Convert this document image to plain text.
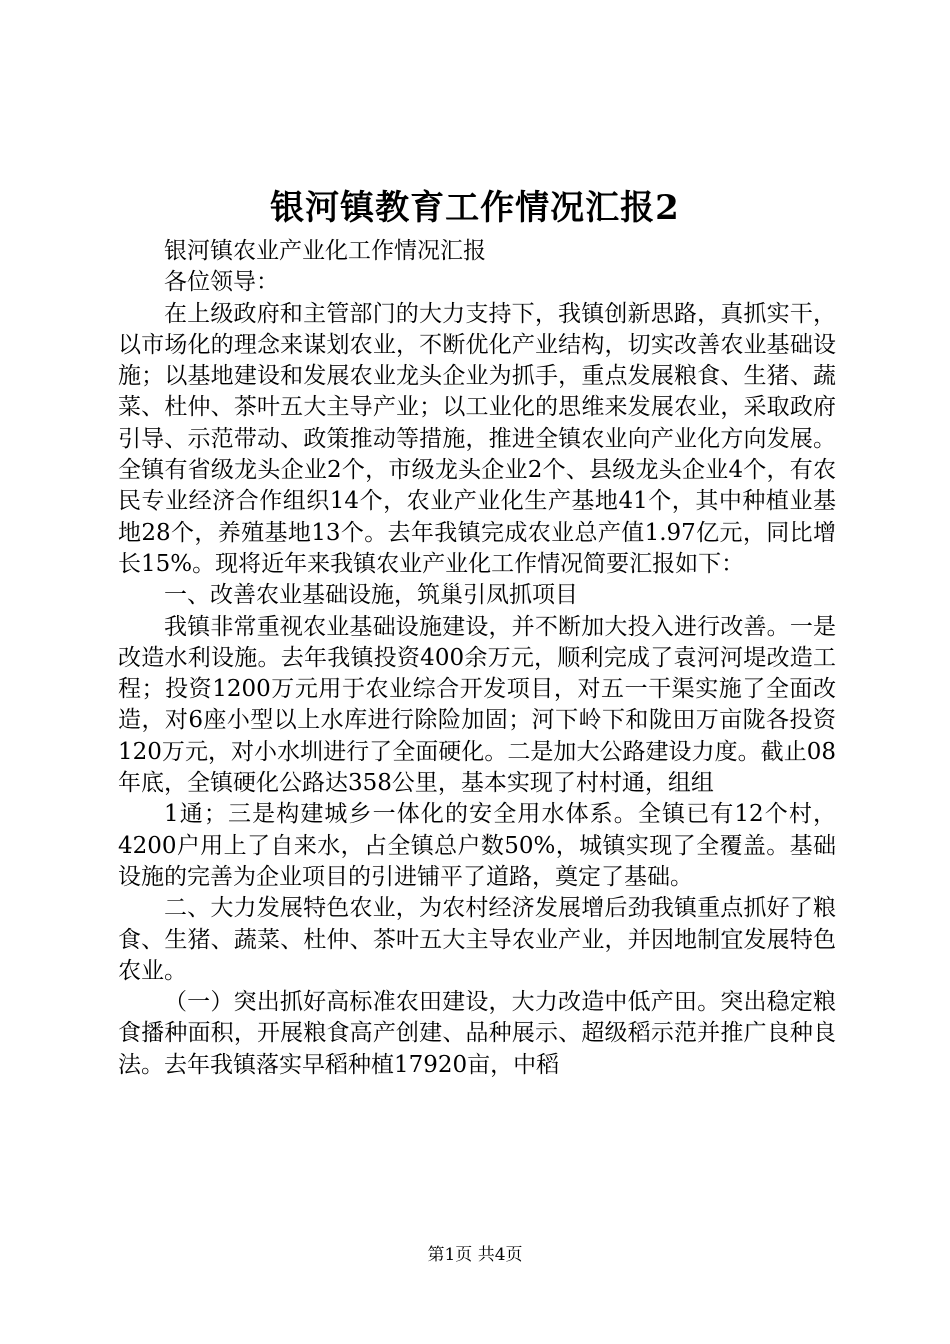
银河镇教育工作情况汇报2

银河镇农业产业化工作情况汇报

各位领导：

在上级政府和主管部门的大力支持下，我镇创新思路，真抓实干，以市场化的理念来谋划农业，不断优化产业结构，切实改善农业基础设施；以基地建设和发展农业龙头企业为抓手，重点发展粮食、生猪、蔬菜、杜仲、茶叶五大主导产业；以工业化的思维来发展农业，采取政府引导、示范带动、政策推动等措施，推进全镇农业向产业化方向发展。全镇有省级龙头企业2个，市级龙头企业2个、县级龙头企业4个，有农民专业经济合作组织14个，农业产业化生产基地41个，其中种植业基地28个，养殖基地13个。去年我镇完成农业总产值1.97亿元，同比增长15%。现将近年来我镇农业产业化工作情况简要汇报如下：

一、改善农业基础设施，筑巢引凤抓项目

我镇非常重视农业基础设施建设，并不断加大投入进行改善。一是改造水利设施。去年我镇投资400余万元，顺利完成了袁河河堤改造工程；投资1200万元用于农业综合开发项目，对五一干渠实施了全面改造，对6座小型以上水库进行除险加固；河下岭下和陇田万亩陇各投资120万元，对小水圳进行了全面硬化。二是加大公路建设力度。截止08年底，全镇硬化公路达358公里，基本实现了村村通，组组

1通；三是构建城乡一体化的安全用水体系。全镇已有12个村，4200户用上了自来水，占全镇总户数50%，城镇实现了全覆盖。基础设施的完善为企业项目的引进铺平了道路，奠定了基础。

二、大力发展特色农业，为农村经济发展增后劲我镇重点抓好了粮食、生猪、蔬菜、杜仲、茶叶五大主导农业产业，并因地制宜发展特色农业。

（一）突出抓好高标准农田建设，大力改造中低产田。突出稳定粮食播种面积，开展粮食高产创建、品种展示、超级稻示范并推广良种良法。去年我镇落实早稻种植17920亩，中稻

第1页 共4页
